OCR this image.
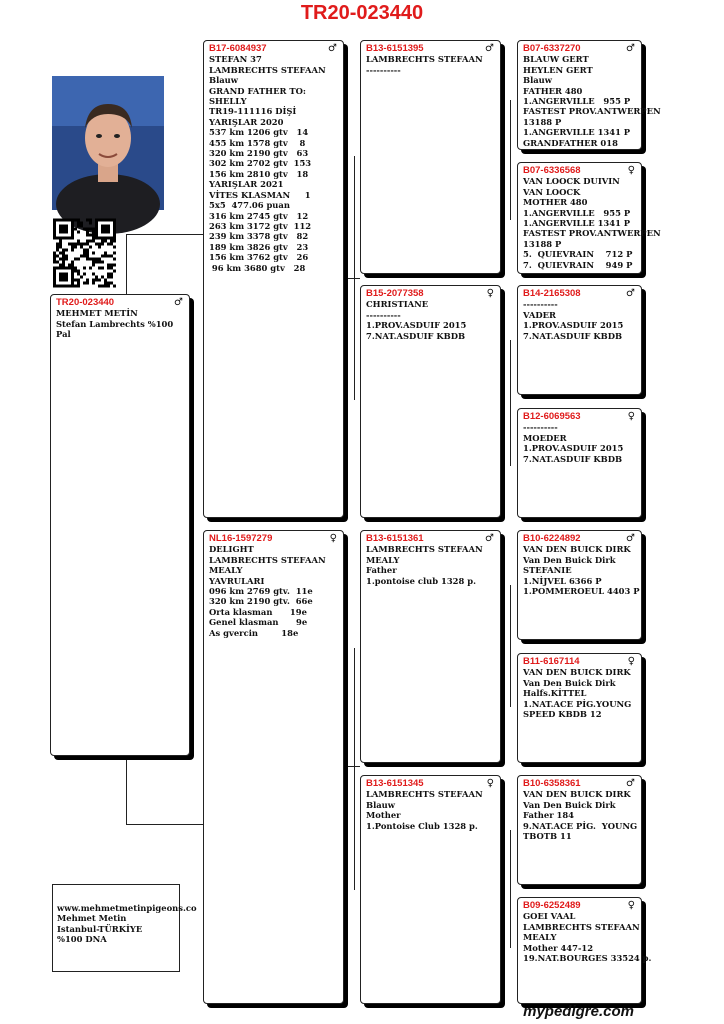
TR20-023440
TR20-023440	♂
MEHMET METİN
Stefan Lambrechts %100
Pal
B17-6084937	♂
STEFAN 37
LAMBRECHTS STEFAAN
Blauw
GRAND FATHER TO:
SHELLY
TR19-111116 DİŞİ
YARIŞLAR 2020
537 km 1206 gtv   14
455 km 1578 gtv    8
320 km 2190 gtv   63
302 km 2702 gtv  153
156 km 2810 gtv   18
YARIŞLAR 2021
VİTES KLASMAN     1
5x5  477.06 puan
316 km 2745 gtv   12
263 km 3172 gtv  112
239 km 3378 gtv   82
189 km 3826 gtv   23
156 km 3762 gtv   26
96 km 3680 gtv   28
NL16-1597279	♀
DELIGHT
LAMBRECHTS STEFAAN
MEALY
YAVRULARI
096 km 2769 gtv.  11e
320 km 2190 gtv.  66e
Orta klasman      19e
Genel klasman      9e
As gvercin        18e
B13-6151395	♂
LAMBRECHTS STEFAAN
----------
B15-2077358	♀
CHRISTIANE
----------
1.PROV.ASDUIF 2015
7.NAT.ASDUIF KBDB
B13-6151361	♂
LAMBRECHTS STEFAAN
MEALY
Father
1.pontoise club 1328 p.
B13-6151345	♀
LAMBRECHTS STEFAAN
Blauw
Mother
1.Pontoise Club 1328 p.
B07-6337270	♂
BLAUW GERT
HEYLEN GERT
Blauw
FATHER 480
1.ANGERVILLE   955 P
FASTEST PROV.ANTWERPEN
13188 P
1.ANGERVILLE 1341 P
GRANDFATHER 018
B07-6336568	♀
VAN LOOCK DUIVIN
VAN LOOCK
MOTHER 480
1.ANGERVILLE   955 P
1.ANGERVILLE 1341 P
FASTEST PROV.ANTWERPEN
13188 P
5.  QUIEVRAIN    712 P
7.  QUIEVRAIN    949 P
B14-2165308	♂
----------
VADER
1.PROV.ASDUIF 2015
7.NAT.ASDUIF KBDB
B12-6069563	♀
----------
MOEDER
1.PROV.ASDUIF 2015
7.NAT.ASDUIF KBDB
B10-6224892	♂
VAN DEN BUICK DIRK
Van Den Buick Dirk
STEFANIE
1.NİJVEL 6366 P
1.POMMEROEUL 4403 P
B11-6167114	♀
VAN DEN BUICK DIRK
Van Den Buick Dirk
Halfs.KİTTEL
1.NAT.ACE PİG.YOUNG
SPEED KBDB 12
B10-6358361	♂
VAN DEN BUICK DIRK
Van Den Buick Dirk
Father 184
9.NAT.ACE PİG.  YOUNG
TBOTB 11
B09-6252489	♀
GOEI VAAL
LAMBRECHTS STEFAAN
MEALY
Mother 447-12
19.NAT.BOURGES 33524 p.
www.mehmetmetinpigeons.co
Mehmet Metin
Istanbul-TÜRKİYE
%100 DNA
mypedigre.com
